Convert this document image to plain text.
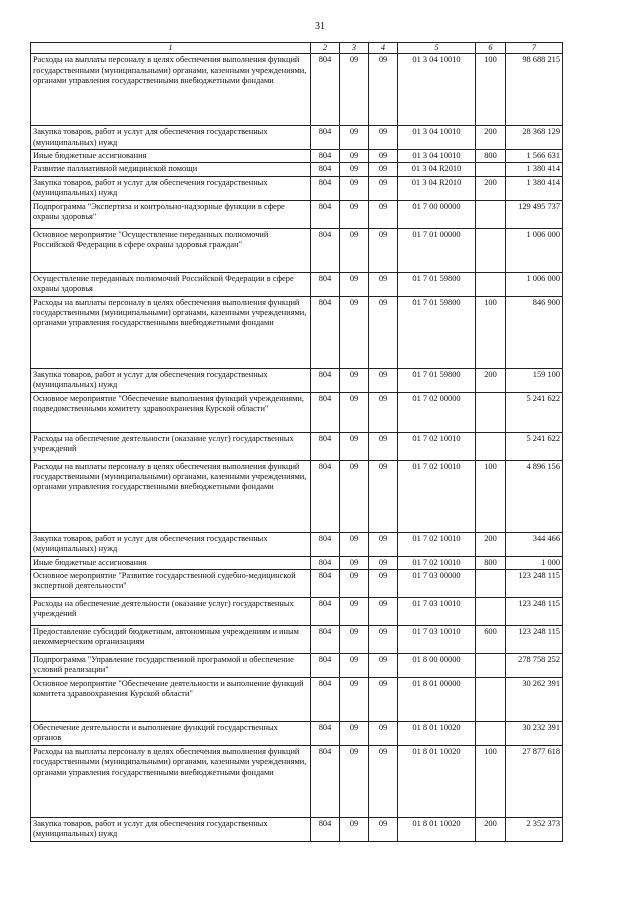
31
1	2	3	4	5	6	7
Расходы на выплаты персоналу в целях обеспечения выполнения функций государственными (муниципальными) органами, казенными учреждениями, органами управления государственными внебюджетными фондами	804	09	09	01 3 04 10010	100	98 688 215
Закупка товаров, работ и услуг для обеспечения государственных (муниципальных) нужд	804	09	09	01 3 04 10010	200	28 368 129
Иные бюджетные ассигнования	804	09	09	01 3 04 10010	800	1 566 631
Развитие паллиативной медицинской помощи	804	09	09	01 3 04 R2010		1 380 414
Закупка товаров, работ и услуг для обеспечения государственных (муниципальных) нужд	804	09	09	01 3 04 R2010	200	1 380 414
Подпрограмма "Экспертиза и контрольно-надзорные функции в сфере охраны здоровья"	804	09	09	01 7 00 00000		129 495 737
Основное мероприятие "Осуществление переданных полномочий Российской Федерации в сфере охраны здоровья граждан"	804	09	09	01 7 01 00000		1 006 000
Осуществление переданных полномочий Российской Федерации в сфере охраны здоровья	804	09	09	01 7 01 59800		1 006 000
Расходы на выплаты персоналу в целях обеспечения выполнения функций государственными (муниципальными) органами, казенными учреждениями, органами управления государственными внебюджетными фондами	804	09	09	01 7 01 59800	100	846 900
Закупка товаров, работ и услуг для обеспечения государственных (муниципальных) нужд	804	09	09	01 7 01 59800	200	159 100
Основное мероприятие "Обеспечение выполнения функций учреждениями, подведомственными комитету здравоохранения Курской области"	804	09	09	01 7 02 00000		5 241 622
Расходы на обеспечение деятельности (оказание услуг) государственных учреждений	804	09	09	01 7 02 10010		5 241 622
Расходы на выплаты персоналу в целях обеспечения выполнения функций государственными (муниципальными) органами, казенными учреждениями, органами управления государственными внебюджетными фондами	804	09	09	01 7 02 10010	100	4 896 156
Закупка товаров, работ и услуг для обеспечения государственных (муниципальных) нужд	804	09	09	01 7 02 10010	200	344 466
Иные бюджетные ассигнования	804	09	09	01 7 02 10010	800	1 000
Основное мероприятие "Развитие государственной судебно-медицинской экспертной деятельности"	804	09	09	01 7 03 00000		123 248 115
Расходы на обеспечение деятельности (оказание услуг) государственных учреждений	804	09	09	01 7 03 10010		123 248 115
Предоставление субсидий бюджетным, автономным учреждениям и иным некоммерческим организациям	804	09	09	01 7 03 10010	600	123 248 115
Подпрограмма "Управление государственной программой и обеспечение условий реализации"	804	09	09	01 8 00 00000		278 758 252
Основное мероприятие "Обеспечение деятельности и выполнение функций комитета здравоохранения Курской области"	804	09	09	01 8 01 00000		30 262 391
Обеспечение деятельности и выполнение функций государственных органов	804	09	09	01 8 01 10020		30 232 391
Расходы на выплаты персоналу в целях обеспечения выполнения функций государственными (муниципальными) органами, казенными учреждениями, органами управления государственными внебюджетными фондами	804	09	09	01 8 01 10020	100	27 877 618
Закупка товаров, работ и услуг для обеспечения государственных (муниципальных) нужд	804	09	09	01 8 01 10020	200	2 352 373
